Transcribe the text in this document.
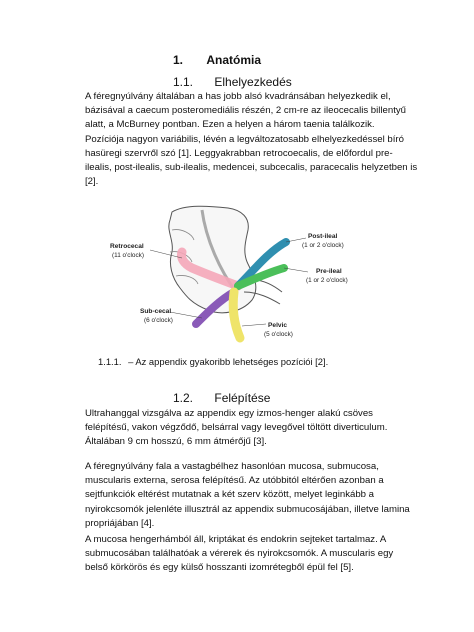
1. Anatómia
1.1. Elhelyezkedés
A féregnyúlvány általában a has jobb alsó kvadránsában helyezkedik el,
bázisával a caecum posteromediális részén, 2 cm-re az ileocecalis billentyű
alatt, a McBurney pontban. Ezen a helyen a három taenia találkozik.
Pozíciója nagyon variábilis, lévén a legváltozatosabb elhelyezkedéssel bíró
hasüregi szervről szó [1]. Leggyakrabban retrocoecalis, de előfordul pre-
ilealis, post-ilealis, sub-ilealis, medencei, subcecalis, paracecalis helyzetben is
[2].
Retrocecal
(11 o'clock)
Post-ileal
(1 or 2 o'clock)
Pre-ileal
(1 or 2 o'clock)
Sub-cecal
(6 o'clock)
Pelvic
(5 o'clock)
1.1.1. – Az appendix gyakoribb lehetséges pozíciói [2].
1.2. Felépítése
Ultrahanggal vizsgálva az appendix egy izmos-henger alakú csöves
felépítésű, vakon végződő, belsárral vagy levegővel töltött diverticulum.
Általában 9 cm hosszú, 6 mm átmérőjű [3].
A féregnyúlvány fala a vastagbélhez hasonlóan mucosa, submucosa,
muscularis externa, serosa felépítésű. Az utóbbitól eltérően azonban a
sejtfunkciók eltérést mutatnak a két szerv között, melyet leginkább a
nyirokcsomók jelenléte illusztrál az appendix submucosájában, illetve lamina
propriájában [4].
A mucosa hengerhámból áll, kriptákat és endokrin sejteket tartalmaz. A
submucosában találhatóak a vérerek és nyirokcsomók. A muscularis egy
belső körkörös és egy külső hosszanti izomrétegből épül fel [5].
